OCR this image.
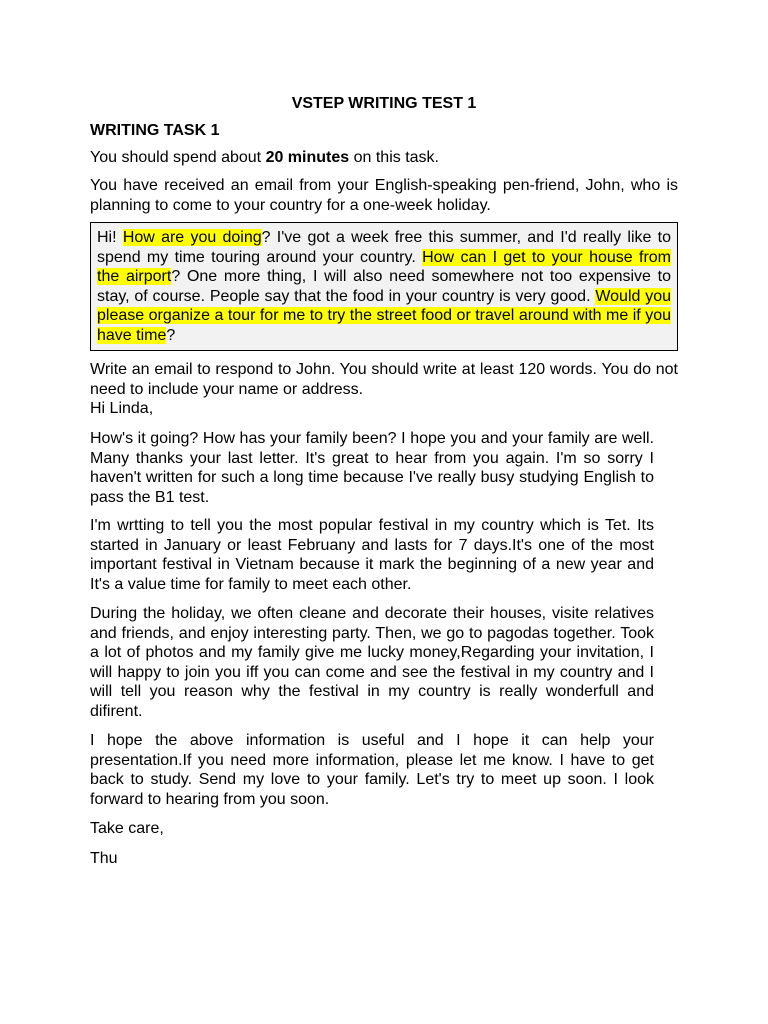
VSTEP WRITING TEST 1
WRITING TASK 1
You should spend about 20 minutes on this task.
You have received an email from your English-speaking pen-friend, John, who is planning to come to your country for a one-week holiday.
Hi! How are you doing? I've got a week free this summer, and I'd really like to spend my time touring around your country. How can I get to your house from the airport? One more thing, I will also need somewhere not too expensive to stay, of course. People say that the food in your country is very good. Would you please organize a tour for me to try the street food or travel around with me if you have time?
Write an email to respond to John. You should write at least 120 words. You do not need to include your name or address.
Hi Linda,
How's it going? How has your family been? I hope you and your family are well. Many thanks your last letter. It's great to hear from you again. I'm so sorry I haven't written for such a long time because I've really busy studying English to pass the B1 test.
I'm wrtting to tell you the most popular festival in my country which is Tet. Its started in January or least Februany and lasts for 7 days.It's one of the most important festival in Vietnam because it mark the beginning of a new year and It's a value time for family to meet each other.
During the holiday, we often cleane and decorate their houses, visite relatives and friends, and enjoy interesting party. Then, we go to pagodas together. Took a lot of photos and my family give me lucky money,Regarding your invitation, I will happy to join you iff you can come and see the festival in my country and I will tell you reason why the festival in my country is really wonderfull and difirent.
I hope the above information is useful and I hope it can help your presentation.If you need more information, please let me know. I have to get back to study. Send my love to your family. Let's try to meet up soon. I look forward to hearing from you soon.
Take care,
Thu
